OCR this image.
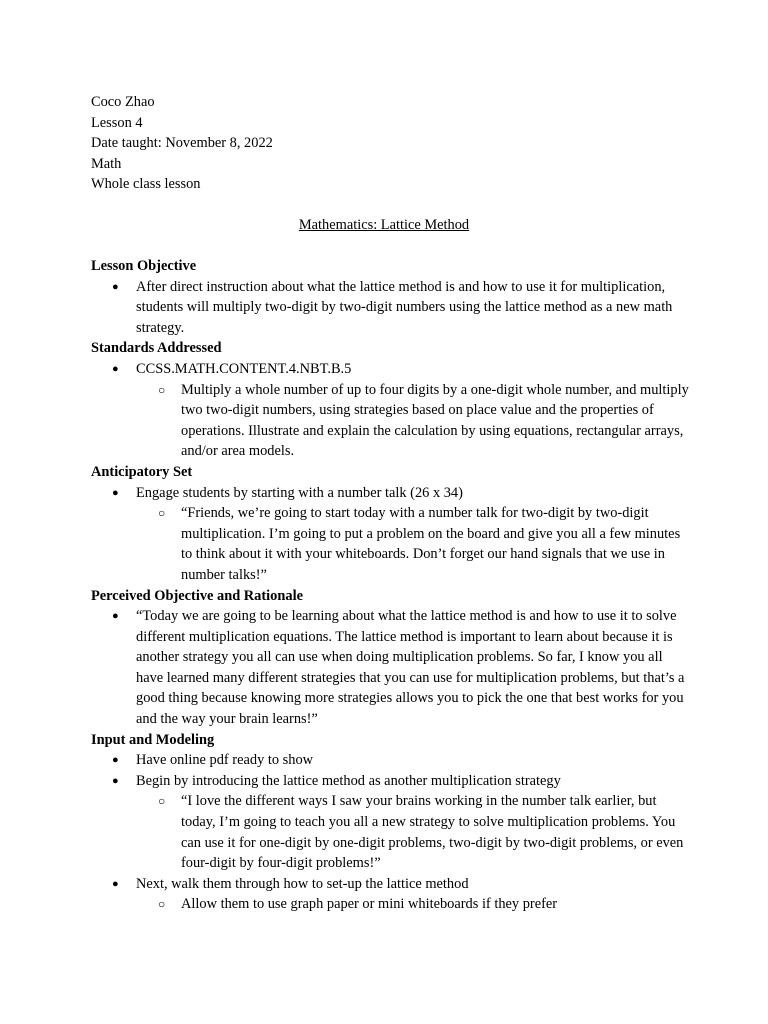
Coco Zhao
Lesson 4
Date taught: November 8, 2022
Math
Whole class lesson
Mathematics: Lattice Method
Lesson Objective
● After direct instruction about what the lattice method is and how to use it for multiplication, students will multiply two-digit by two-digit numbers using the lattice method as a new math strategy.
Standards Addressed
● CCSS.MATH.CONTENT.4.NBT.B.5
○ Multiply a whole number of up to four digits by a one-digit whole number, and multiply two two-digit numbers, using strategies based on place value and the properties of operations. Illustrate and explain the calculation by using equations, rectangular arrays, and/or area models.
Anticipatory Set
● Engage students by starting with a number talk (26 x 34)
○ “Friends, we’re going to start today with a number talk for two-digit by two-digit multiplication. I’m going to put a problem on the board and give you all a few minutes to think about it with your whiteboards. Don’t forget our hand signals that we use in number talks!”
Perceived Objective and Rationale
● “Today we are going to be learning about what the lattice method is and how to use it to solve different multiplication equations. The lattice method is important to learn about because it is another strategy you all can use when doing multiplication problems. So far, I know you all have learned many different strategies that you can use for multiplication problems, but that’s a good thing because knowing more strategies allows you to pick the one that best works for you and the way your brain learns!”
Input and Modeling
● Have online pdf ready to show
● Begin by introducing the lattice method as another multiplication strategy
○ “I love the different ways I saw your brains working in the number talk earlier, but today, I’m going to teach you all a new strategy to solve multiplication problems. You can use it for one-digit by one-digit problems, two-digit by two-digit problems, or even four-digit by four-digit problems!”
● Next, walk them through how to set-up the lattice method
○ Allow them to use graph paper or mini whiteboards if they prefer
